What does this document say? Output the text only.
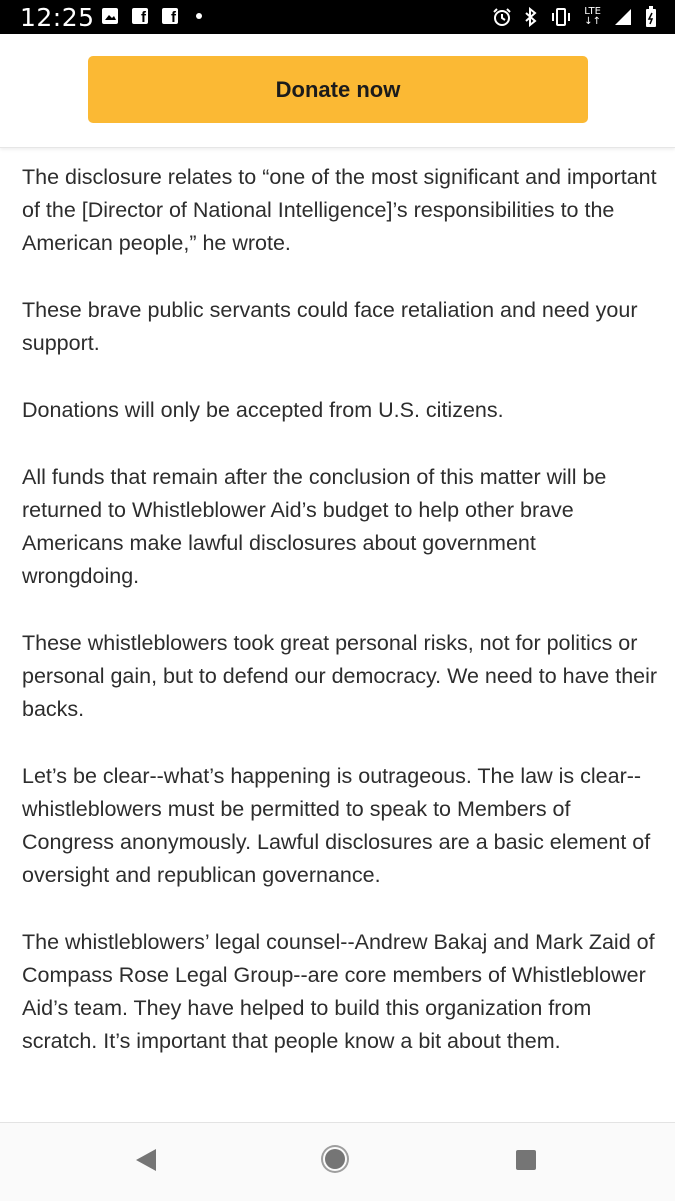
12:25 f f	LTE
↓↑
Donate now

The disclosure relates to “one of the most significant and important of the [Director of National Intelligence]’s responsibilities to the American people,” he wrote.

These brave public servants could face retaliation and need your support.

Donations will only be accepted from U.S. citizens.

All funds that remain after the conclusion of this matter will be returned to Whistleblower Aid’s budget to help other brave Americans make lawful disclosures about government wrongdoing.

These whistleblowers took great personal risks, not for politics or personal gain, but to defend our democracy. We need to have their backs.

Let’s be clear--what’s happening is outrageous. The law is clear--whistleblowers must be permitted to speak to Members of Congress anonymously. Lawful disclosures are a basic element of oversight and republican governance.

The whistleblowers’ legal counsel--Andrew Bakaj and Mark Zaid of Compass Rose Legal Group--are core members of Whistleblower Aid’s team. They have helped to build this organization from scratch. It’s important that people know a bit about them.
